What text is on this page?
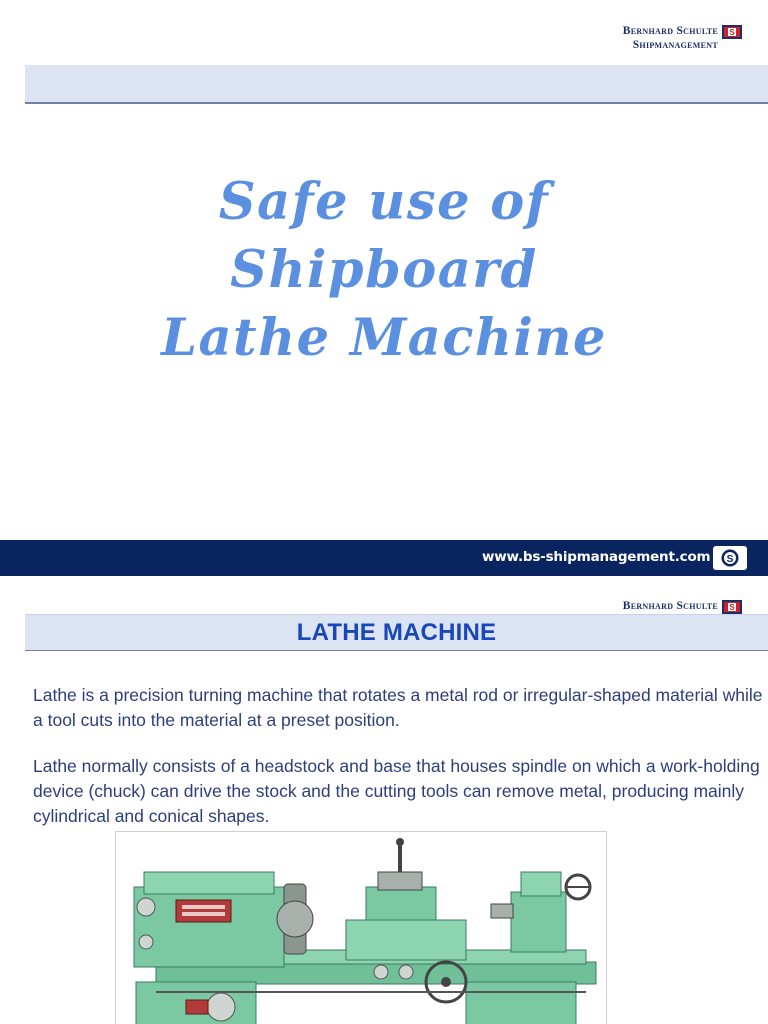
Bernhard Schulte
Shipmanagement
S
Safe use of
Shipboard
Lathe Machine
www.bs-shipmanagement.com S
Bernhard Schulte S
LATHE MACHINE

Lathe is a precision turning machine that rotates a metal rod or irregular-shaped material while a tool cuts into the material at a preset position.

Lathe normally consists of a headstock and base that houses spindle on which a work-holding device (chuck) can drive the stock and the cutting tools can remove metal, producing mainly cylindrical and conical shapes.
